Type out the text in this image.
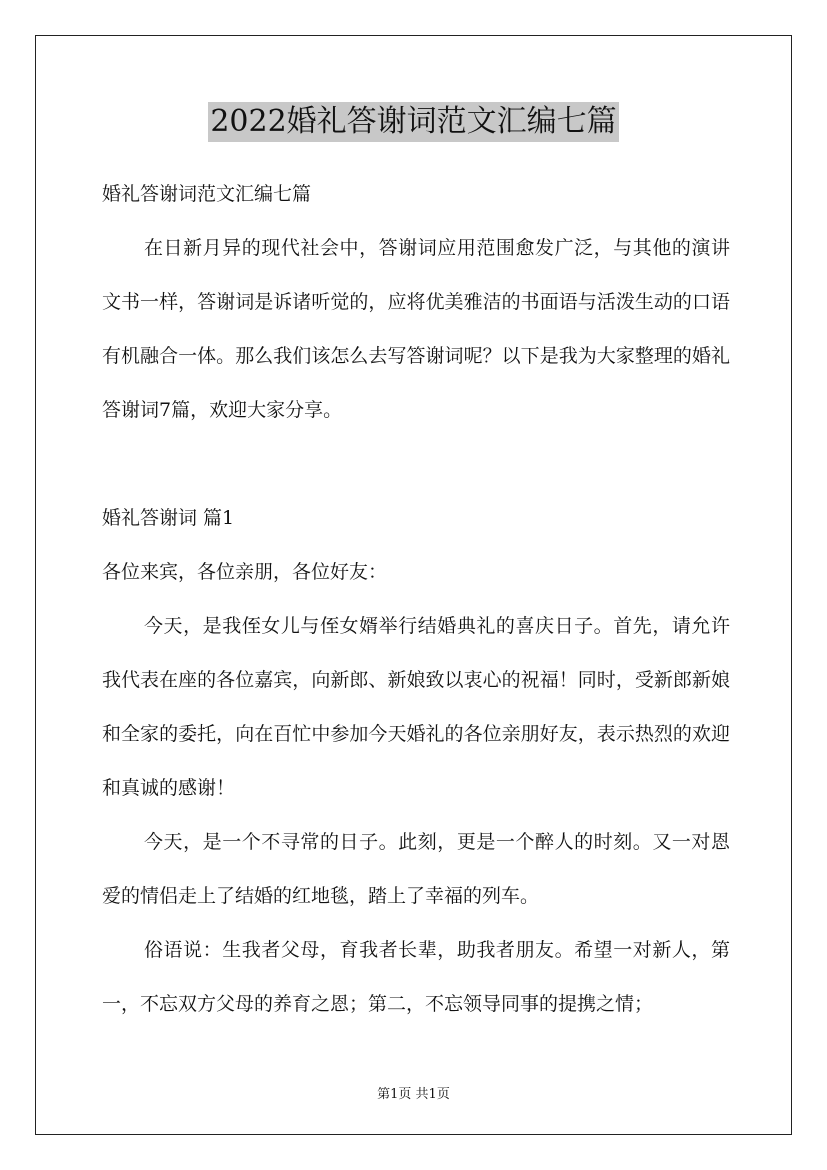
2022婚礼答谢词范文汇编七篇

婚礼答谢词范文汇编七篇

在日新月异的现代社会中，答谢词应用范围愈发广泛，与其他的演讲文书一样，答谢词是诉诸听觉的，应将优美雅洁的书面语与活泼生动的口语有机融合一体。那么我们该怎么去写答谢词呢？以下是我为大家整理的婚礼答谢词7篇，欢迎大家分享。

婚礼答谢词 篇1

各位来宾，各位亲朋，各位好友：

今天，是我侄女儿与侄女婿举行结婚典礼的喜庆日子。首先，请允许我代表在座的各位嘉宾，向新郎、新娘致以衷心的祝福！同时，受新郎新娘和全家的委托，向在百忙中参加今天婚礼的各位亲朋好友，表示热烈的欢迎和真诚的感谢！

今天，是一个不寻常的日子。此刻，更是一个醉人的时刻。又一对恩爱的情侣走上了结婚的红地毯，踏上了幸福的列车。

俗语说：生我者父母，育我者长辈，助我者朋友。希望一对新人，第一，不忘双方父母的养育之恩；第二，不忘领导同事的提携之情；

第1页 共1页
